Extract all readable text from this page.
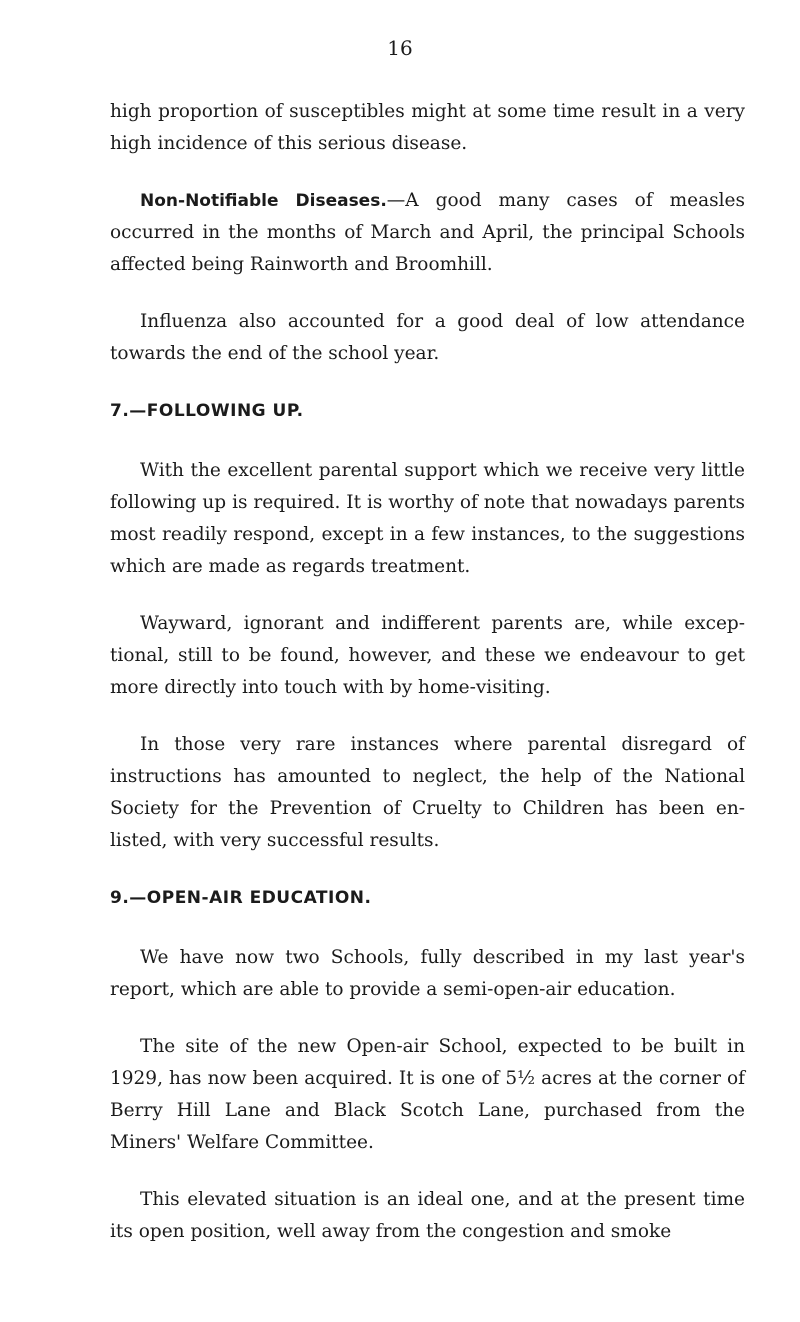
16

high proportion of susceptibles might at some time result in a very high incidence of this serious disease.

Non-Notifiable Diseases.—A good many cases of measles occurred in the months of March and April, the principal Schools affected being Rainworth and Broomhill.

Influenza also accounted for a good deal of low attendance towards the end of the school year.

7.—FOLLOWING UP.

With the excellent parental support which we receive very little following up is required. It is worthy of note that nowadays parents most readily respond, except in a few instances, to the suggestions which are made as regards treatment.

Wayward, ignorant and indifferent parents are, while excep- tional, still to be found, however, and these we endeavour to get more directly into touch with by home-visiting.

In those very rare instances where parental disregard of instructions has amounted to neglect, the help of the National Society for the Prevention of Cruelty to Children has been en- listed, with very successful results.

9.—OPEN-AIR EDUCATION.

We have now two Schools, fully described in my last year's report, which are able to provide a semi-open-air education.

The site of the new Open-air School, expected to be built in 1929, has now been acquired. It is one of 5½ acres at the corner of Berry Hill Lane and Black Scotch Lane, purchased from the Miners' Welfare Committee.

This elevated situation is an ideal one, and at the present time its open position, well away from the congestion and smoke
